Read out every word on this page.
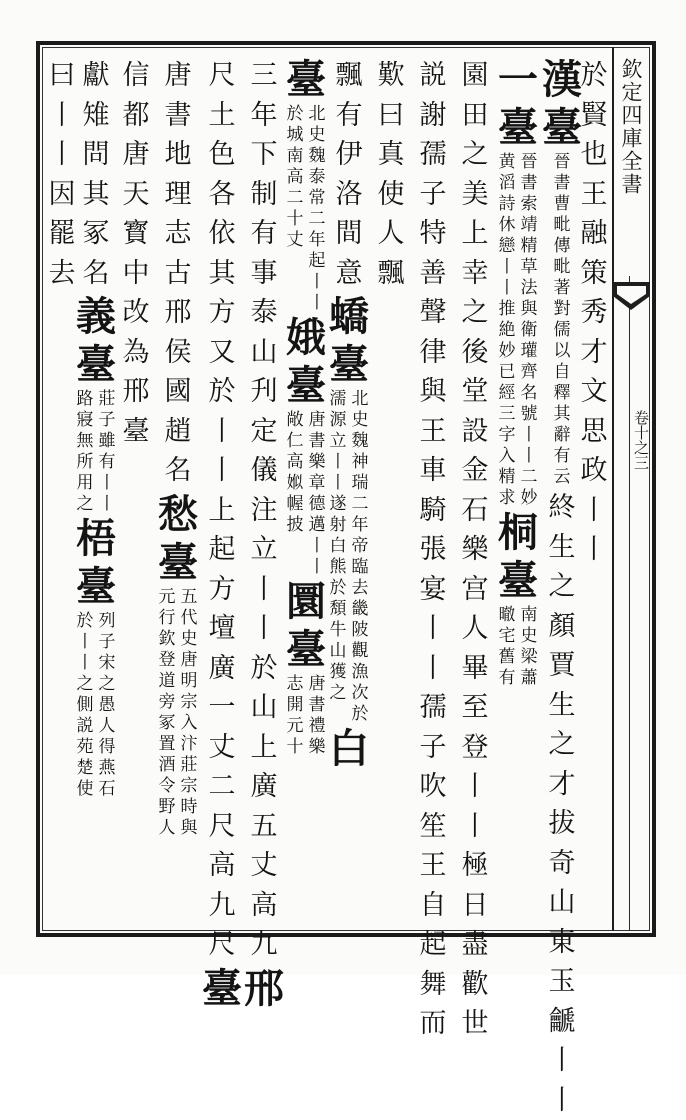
欽定四庫全書
卷十之三
於
賢
也
王
融
策
秀
才
文
思
政
丨
丨
漢
臺
晉
書
曹
毗
傳
毗
著
對
儒
以
自
釋
其
辭
有
云
終
生
之
顏
賈
生
之
才
拔
奇
山
東
玉
䶵
丨
丨
一
臺
黄
滔
詩
休
戀
丨
丨
推
絶
妙
已
經
三
字
入
精
求
晉
書
索
靖
精
草
法
與
衛
瓘
齊
名
號
丨
丨
二
妙
桐
臺
㬚
宅
舊
有
南
史
梁
蕭
園
田
之
美
上
幸
之
後
堂
設
金
石
樂
宫
人
畢
至
登
丨
丨
極
日
盡
歡
世
説
謝
孺
子
特
善
聲
律
與
王
車
騎
張
宴
丨
丨
孺
子
吹
笙
王
自
起
舞
而
歎
曰
真
使
人
飄
飄
有
伊
洛
間
意
蟜
臺
濡
源
立
丨
丨
遂
射
白
熊
於
頽
牛
山
獲
之
北
史
魏
神
瑞
二
年
帝
臨
去
畿
陂
觀
漁
次
於
白
臺
於
城
南
高
二
十
丈
北
史
魏
泰
常
二
年
起
丨
丨
娥
臺
敞
仁
高
娰
幄
披
唐
書
樂
章
德
邁
丨
丨
圜
臺
志
開
元
十
唐
書
禮
樂
三
年
下
制
有
事
泰
山
刋
定
儀
注
立
丨
丨
於
山
上
廣
五
丈
高
九
邢
尺
土
色
各
依
其
方
又
於
丨
丨
上
起
方
壇
廣
一
丈
二
尺
高
九
尺
臺
唐
書
地
理
志
古
邢
侯
國
趙
名
愁
臺
元
行
欽
登
道
旁
冢
置
酒
令
野
人
五
代
史
唐
明
宗
入
汴
莊
宗
時
與
信
都
唐
天
寳
中
改
為
邢
臺
獻
雉
問
其
冢
名
義
臺
路
寢
無
所
用
之
莊
子
雖
有
丨
丨
梧
臺
於
丨
丨
之
側
説
苑
楚
使
列
子
宋
之
愚
人
得
燕
石
曰
丨
丨
因
罷
去
